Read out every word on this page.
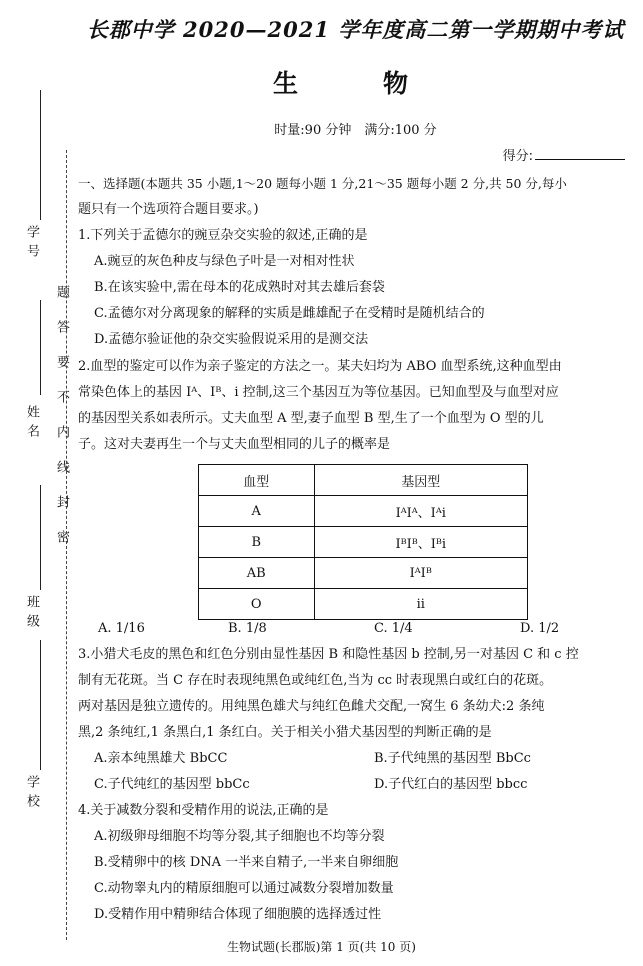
学号
姓名
班级
学校
题答要不内线封密
长郡中学 2020—2021 学年度高二第一学期期中考试
生　物
时量:90 分钟　满分:100 分
得分:
一、选择题(本题共 35 小题,1～20 题每小题 1 分,21～35 题每小题 2 分,共 50 分,每小
题只有一个选项符合题目要求。)
1.下列关于孟德尔的豌豆杂交实验的叙述,正确的是
A.豌豆的灰色种皮与绿色子叶是一对相对性状
B.在该实验中,需在母本的花成熟时对其去雄后套袋
C.孟德尔对分离现象的解释的实质是雌雄配子在受精时是随机结合的
D.孟德尔验证他的杂交实验假说采用的是测交法
2.血型的鉴定可以作为亲子鉴定的方法之一。某夫妇均为 ABO 血型系统,这种血型由
常染色体上的基因 Iᴬ、Iᴮ、i 控制,这三个基因互为等位基因。已知血型及与血型对应
的基因型关系如表所示。丈夫血型 A 型,妻子血型 B 型,生了一个血型为 O 型的儿
子。这对夫妻再生一个与丈夫血型相同的儿子的概率是
血型	基因型
A	IᴬIᴬ、Iᴬi
B	IᴮIᴮ、Iᴮi
AB	IᴬIᴮ
O	ii
A. 1/16	B. 1/8	C. 1/4	D. 1/2
3.小猎犬毛皮的黑色和红色分别由显性基因 B 和隐性基因 b 控制,另一对基因 C 和 c 控
制有无花斑。当 C 存在时表现纯黑色或纯红色,当为 cc 时表现黑白或红白的花斑。
两对基因是独立遗传的。用纯黑色雄犬与纯红色雌犬交配,一窝生 6 条幼犬:2 条纯
黑,2 条纯红,1 条黑白,1 条红白。关于相关小猎犬基因型的判断正确的是
A.亲本纯黑雄犬 BbCC	B.子代纯黑的基因型 BbCc
C.子代纯红的基因型 bbCc	D.子代红白的基因型 bbcc
4.关于减数分裂和受精作用的说法,正确的是
A.初级卵母细胞不均等分裂,其子细胞也不均等分裂
B.受精卵中的核 DNA 一半来自精子,一半来自卵细胞
C.动物睾丸内的精原细胞可以通过减数分裂增加数量
D.受精作用中精卵结合体现了细胞膜的选择透过性
生物试题(长郡版)第 1 页(共 10 页)
